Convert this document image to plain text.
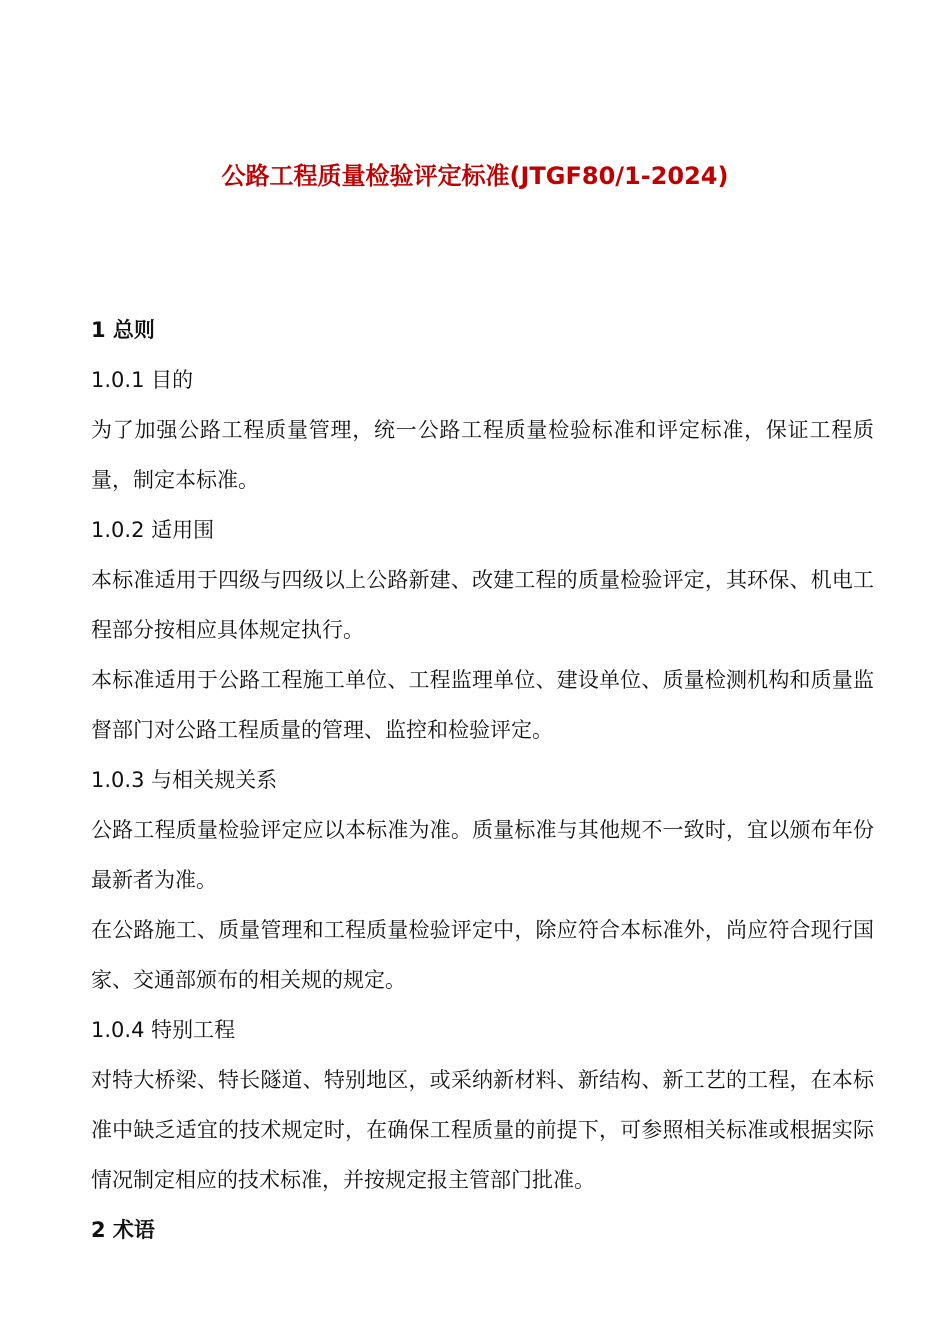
公路工程质量检验评定标准(JTGF80/1-2024)
1 总则

1.0.1 目的

为了加强公路工程质量管理，统一公路工程质量检验标准和评定标准，保证工程质量，制定本标准。

1.0.2 适用围

本标准适用于四级与四级以上公路新建、改建工程的质量检验评定，其环保、机电工程部分按相应具体规定执行。

本标准适用于公路工程施工单位、工程监理单位、建设单位、质量检测机构和质量监督部门对公路工程质量的管理、监控和检验评定。

1.0.3 与相关规关系

公路工程质量检验评定应以本标准为准。质量标准与其他规不一致时，宜以颁布年份最新者为准。

在公路施工、质量管理和工程质量检验评定中，除应符合本标准外，尚应符合现行国家、交通部颁布的相关规的规定。

1.0.4 特别工程

对特大桥梁、特长隧道、特别地区，或采纳新材料、新结构、新工艺的工程，在本标准中缺乏适宜的技术规定时，在确保工程质量的前提下，可参照相关标准或根据实际情况制定相应的技术标准，并按规定报主管部门批准。

2 术语
